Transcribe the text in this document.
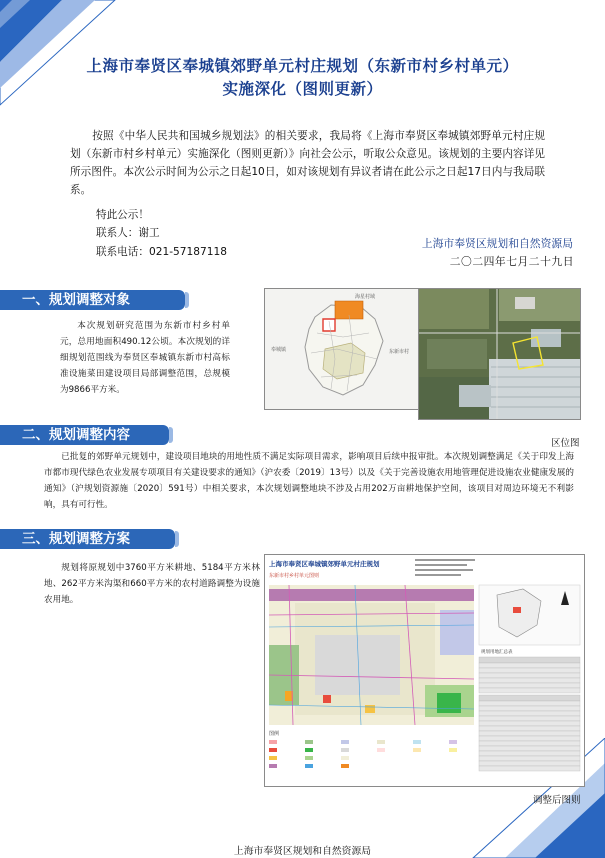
上海市奉贤区奉城镇郊野单元村庄规划（东新市村乡村单元）
实施深化（图则更新）

按照《中华人民共和国城乡规划法》的相关要求，我局将《上海市奉贤区奉城镇郊野单元村庄规划（东新市村乡村单元）实施深化（图则更新）》向社会公示，听取公众意见。该规划的主要内容详见所示图件。本次公示时间为公示之日起10日，如对该规划有异议者请在此公示之日起17日内与我局联系。

特此公示！
联系人：谢工
联系电话：021-57187118
上海市奉贤区规划和自然资源局
二〇二四年七月二十九日
一、规划调整对象

本次规划研究范围为东新市村乡村单元，总用地面积490.12公顷。本次规划的详细规划范围线为奉贤区奉城镇东新市村高标准设施菜田建设项目局部调整范围，总规模为9866平方米。

海星村域
奉城镇	东新市村
二、规划调整内容
区位图

已批复的郊野单元规划中，建设项目地块的用地性质不满足实际项目需求，影响项目后续申报审批。本次规划调整满足《关于印发上海市都市现代绿色农业发展专项项目有关建设要求的通知》（沪农委〔2019〕13号）以及《关于完善设施农用地管理促进设施农业健康发展的通知》（沪规划资源施〔2020〕591号）中相关要求，本次规划调整地块不涉及占用202万亩耕地保护空间，该项目对周边环境无不利影响，具有可行性。

三、规划调整方案

规划将原规划中3760平方米耕地、5184平方米林地、262平方米沟渠和660平方米的农村道路调整为设施农用地。

上海市奉贤区奉城镇郊野单元村庄规划
东新市村乡村单元图则
图例
规划用地汇总表
调整后图则
上海市奉贤区规划和自然资源局
